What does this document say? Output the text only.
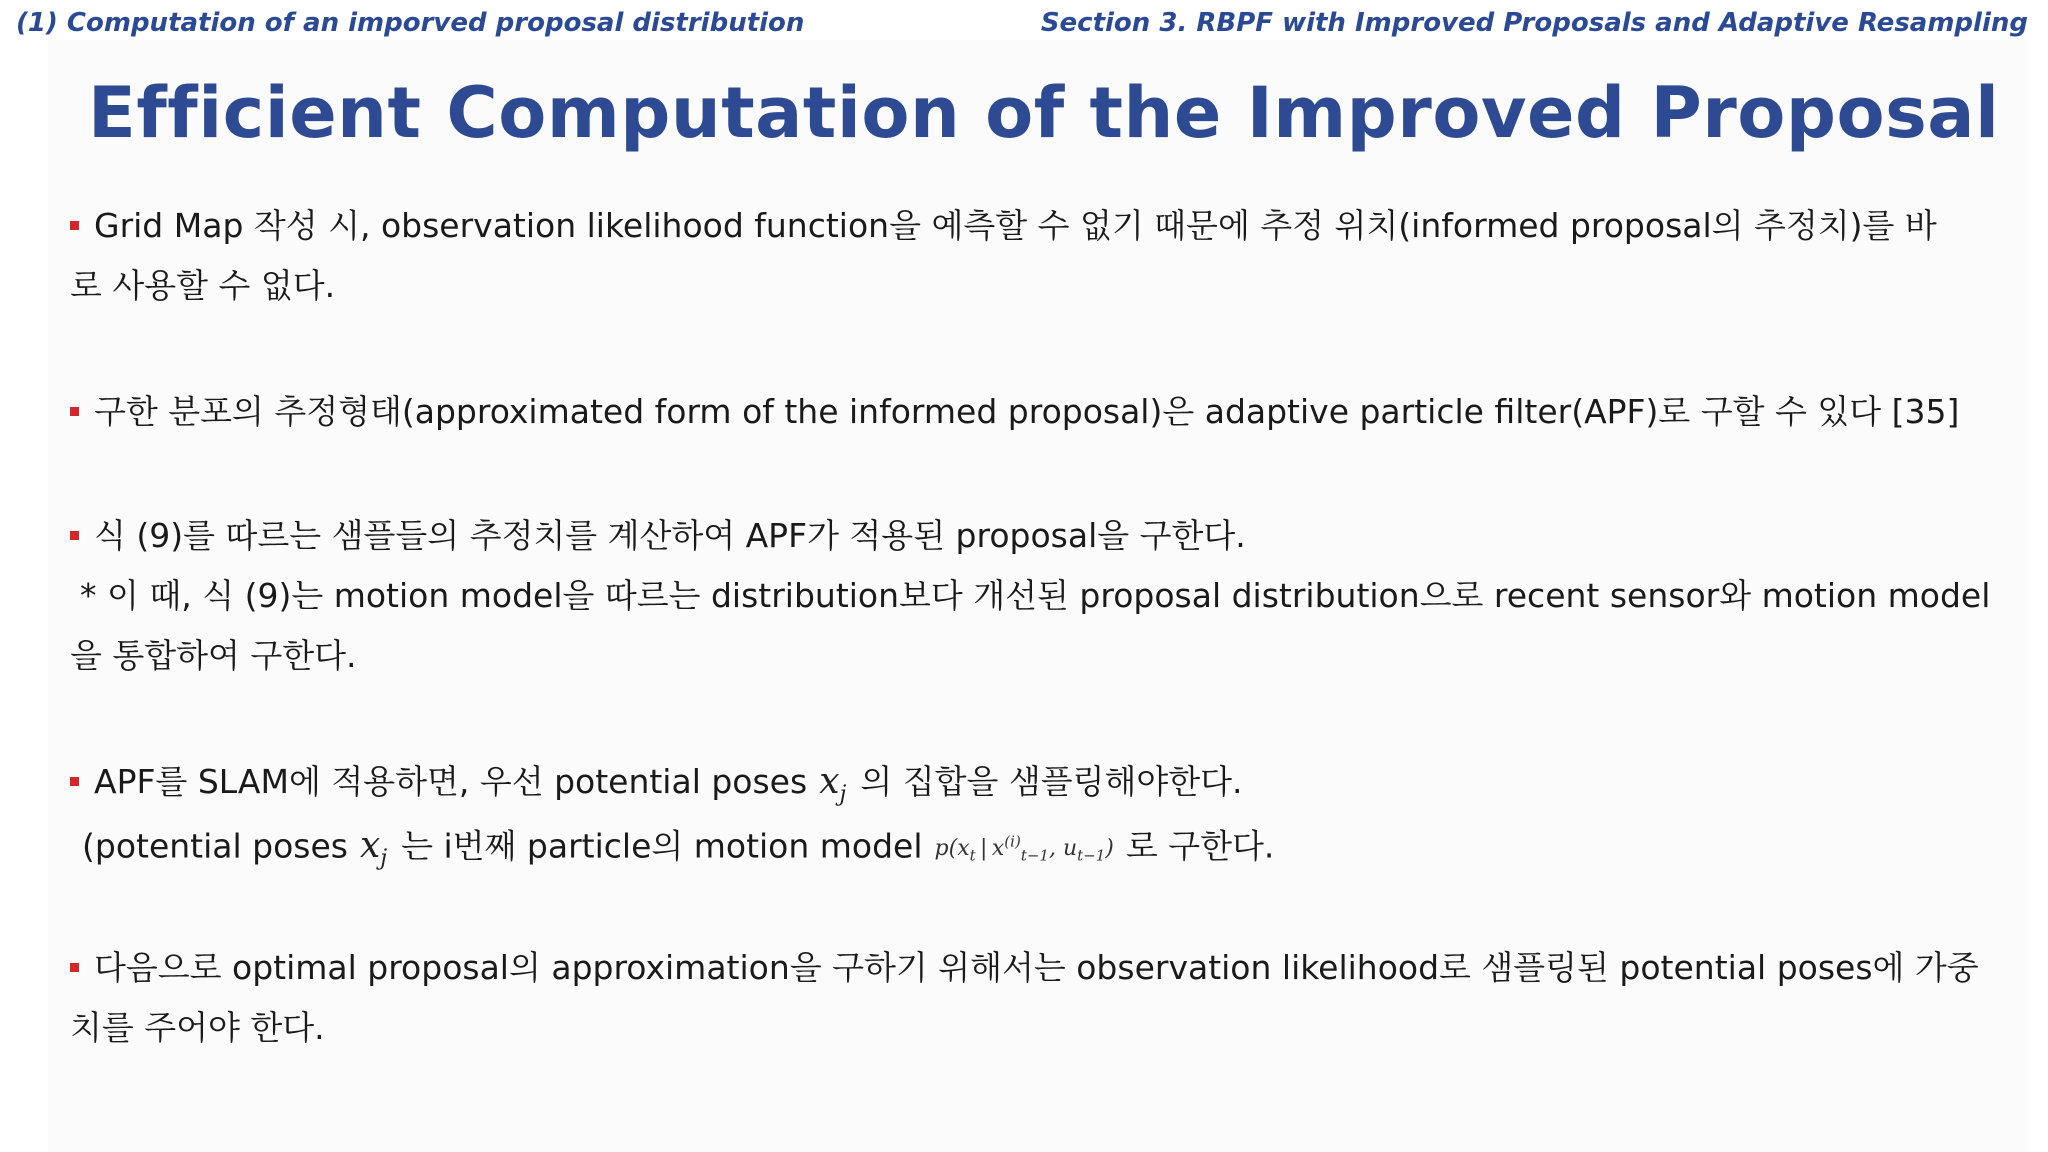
(1) Computation of an imporved proposal distribution	Section 3. RBPF with Improved Proposals and Adaptive Resampling
Efficient Computation of the Improved Proposal
Grid Map 작성 시, observation likelihood function을 예측할 수 없기 때문에 추정 위치(informed proposal의 추정치)를 바
로 사용할 수 없다.
구한 분포의 추정형태(approximated form of the informed proposal)은 adaptive particle filter(APF)로 구할 수 있다 [35]
식 (9)를 따르는 샘플들의 추정치를 계산하여 APF가 적용된 proposal을 구한다.
* 이 때, 식 (9)는 motion model을 따르는 distribution보다 개선된 proposal distribution으로 recent sensor와 motion model
을 통합하여 구한다.
APF를 SLAM에 적용하면, 우선 potential poses $x_j$ 의 집합을 샘플링해야한다.
(potential poses $x_j$ 는 i번째 particle의 motion model $p(x_t$  |  $x^{(i)}_{t-1}$, $u_{t-1}$) 로 구한다.
다음으로 optimal proposal의 approximation을 구하기 위해서는 observation likelihood로 샘플링된 potential poses에 가중
치를 주어야 한다.
